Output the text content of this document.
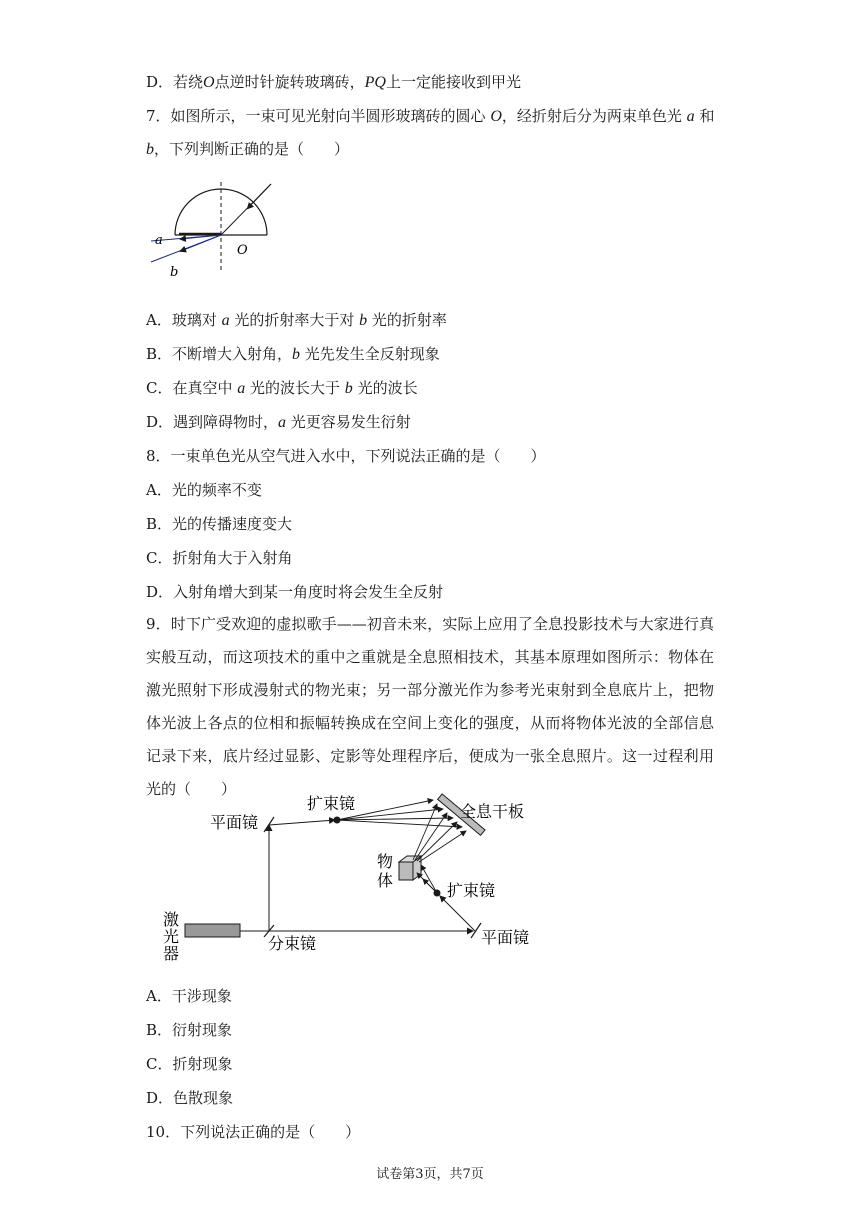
D．若绕O点逆时针旋转玻璃砖，PQ上一定能接收到甲光
7．如图所示，一束可见光射向半圆形玻璃砖的圆心 O，经折射后分为两束单色光 a 和
b，下列判断正确的是（　　）
a
b
O
A．玻璃对 a 光的折射率大于对 b 光的折射率
B．不断增大入射角，b 光先发生全反射现象
C．在真空中 a 光的波长大于 b 光的波长
D．遇到障碍物时，a 光更容易发生衍射
8．一束单色光从空气进入水中，下列说法正确的是（　　）
A．光的频率不变
B．光的传播速度变大
C．折射角大于入射角
D．入射角增大到某一角度时将会发生全反射
9．时下广受欢迎的虚拟歌手——初音未来，实际上应用了全息投影技术与大家进行真实般互动，而这项技术的重中之重就是全息照相技术，其基本原理如图所示：物体在激光照射下形成漫射式的物光束；另一部分激光作为参考光束射到全息底片上，把物体光波上各点的位相和振幅转换成在空间上变化的强度，从而将物体光波的全部信息记录下来，底片经过显影、定影等处理程序后，便成为一张全息照片。这一过程利用光的（　　）
平面镜
扩束镜	全息干板
物
体
扩束镜
激
光
器
分束镜	平面镜
A．干涉现象
B．衍射现象
C．折射现象
D．色散现象
10．下列说法正确的是（　　）
试卷第3页，共7页
